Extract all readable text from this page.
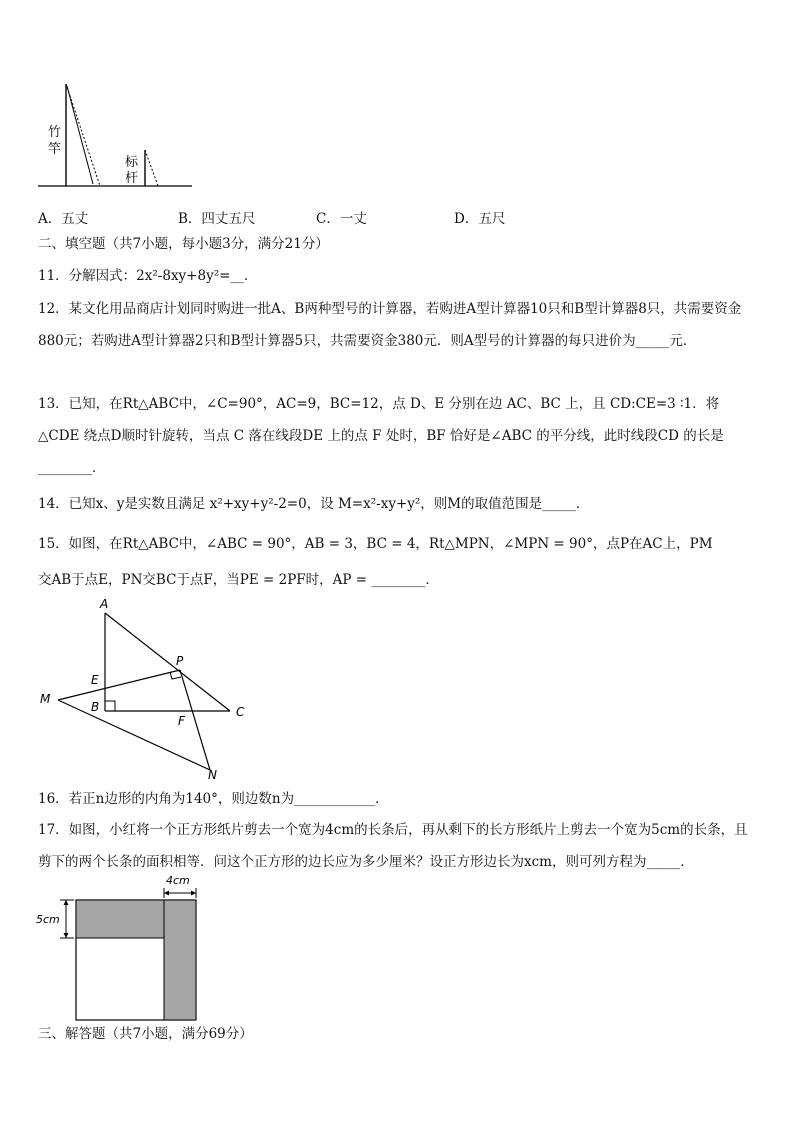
竹
竿
标
杆
A．五丈	B．四丈五尺	C．一丈	D．五尺
二、填空题（共7小题，每小题3分，满分21分）
11．分解因式：2x²-8xy+8y²=__．
12．某文化用品商店计划同时购进一批A、B两种型号的计算器，若购进A型计算器10只和B型计算器8只，共需要资金880元；若购进A型计算器2只和B型计算器5只，共需要资金380元．则A型号的计算器的每只进价为_____元．
13．已知，在Rt△ABC中，∠C=90°，AC=9，BC=12，点 D、E 分别在边 AC、BC 上，且 CD:CE=3 ∶1．将△CDE 绕点D顺时针旋转，当点 C 落在线段DE 上的点 F 处时，BF 恰好是∠ABC 的平分线，此时线段CD 的长是________．
14．已知x、y是实数且满足 x²+xy+y²-2=0，设 M=x²-xy+y²，则M的取值范围是_____．
15．如图，在Rt△ABC中，∠ABC = 90°，AB = 3，BC = 4，Rt△MPN，∠MPN = 90°，点P在AC上，PM
交AB于点E，PN交BC于点F，当PE = 2PF时，AP = ________．
A
P
E
M
B	C
F
N
16．若正n边形的内角为140°，则边数n为____________．
17．如图，小红将一个正方形纸片剪去一个宽为4cm的长条后，再从剩下的长方形纸片上剪去一个宽为5cm的长条，且剪下的两个长条的面积相等．问这个正方形的边长应为多少厘米？设正方形边长为xcm，则可列方程为_____．
4cm
5cm
三、解答题（共7小题，满分69分）
